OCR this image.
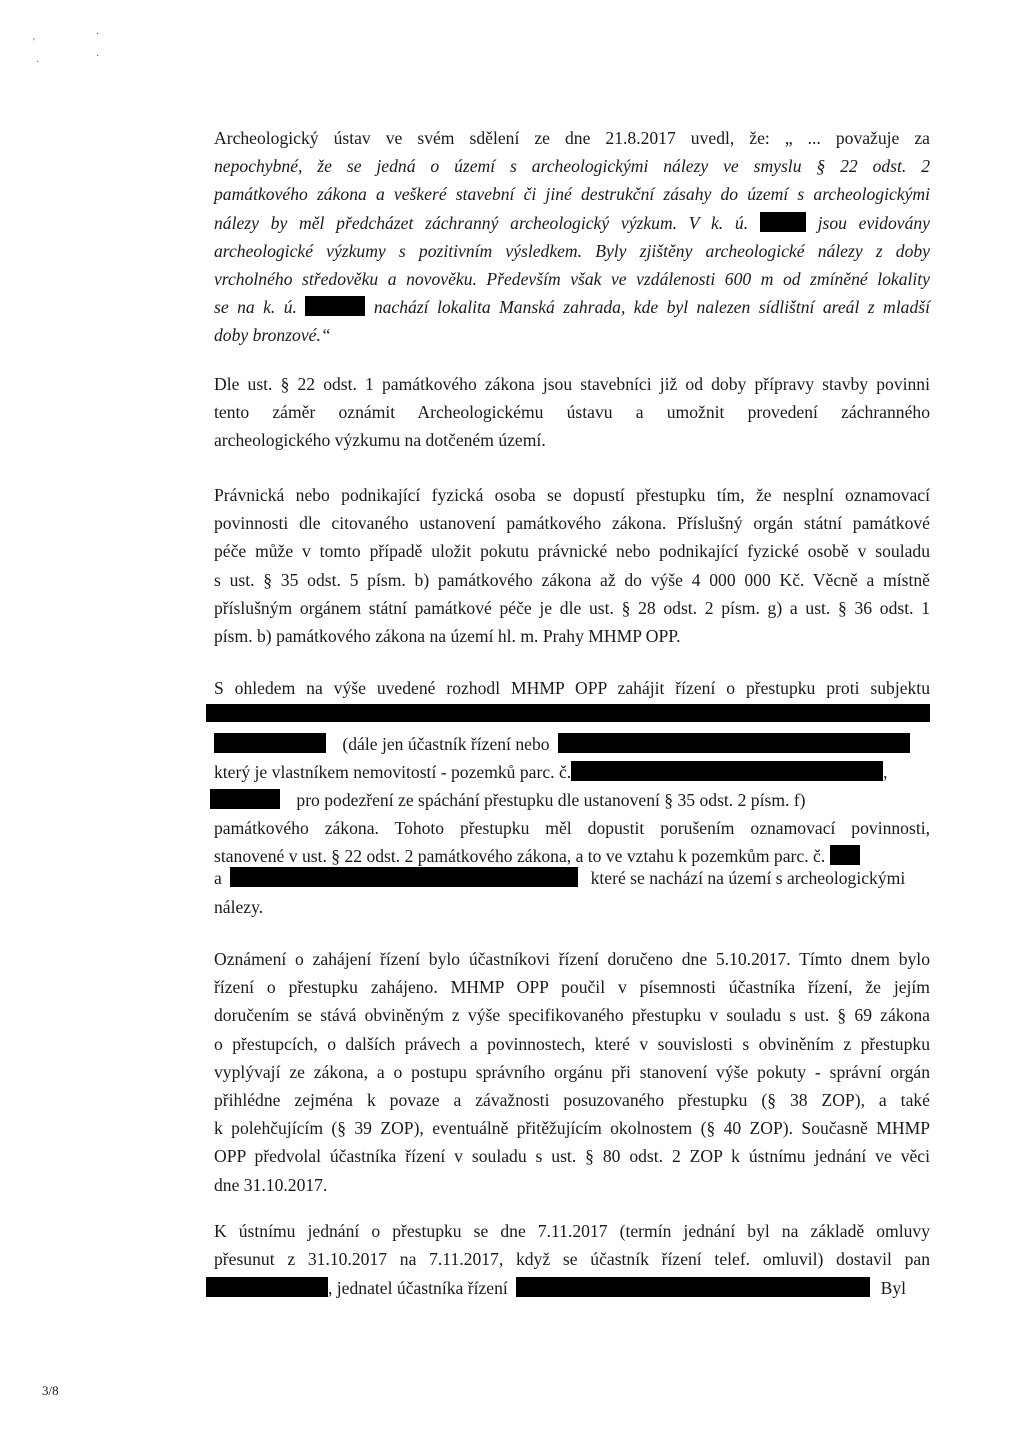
'
·
·
·
Archeologický ústav ve svém sdělení ze dne 21.8.2017 uvedl, že: „ ... považuje za
nepochybné, že se jedná o území s archeologickými nálezy ve smyslu § 22 odst. 2
památkového zákona a veškeré stavební či jiné destrukční zásahy do území s archeologickými
nálezy by měl předcházet záchranný archeologický výzkum. V k. ú.	jsou evidovány
archeologické výzkumy s pozitivním výsledkem. Byly zjištěny archeologické nálezy z doby
vrcholného středověku a novověku. Především však ve vzdálenosti 600 m od zmíněné lokality
se na k. ú.	nachází lokalita Manská zahrada, kde byl nalezen sídlištní areál z mladší
doby bronzové.“
Dle ust. § 22 odst. 1 památkového zákona jsou stavebníci již od doby přípravy stavby povinni
tento záměr oznámit Archeologickému ústavu a umožnit provedení záchranného
archeologického výzkumu na dotčeném území.
Právnická nebo podnikající fyzická osoba se dopustí přestupku tím, že nesplní oznamovací
povinnosti dle citovaného ustanovení památkového zákona. Příslušný orgán státní památkové
péče může v tomto případě uložit pokutu právnické nebo podnikající fyzické osobě v souladu
s ust. § 35 odst. 5 písm. b) památkového zákona až do výše 4 000 000 Kč. Věcně a místně
příslušným orgánem státní památkové péče je dle ust. § 28 odst. 2 písm. g) a ust. § 36 odst. 1
písm. b) památkového zákona na území hl. m. Prahy MHMP OPP.
S ohledem na výše uvedené rozhodl MHMP OPP zahájit řízení o přestupku proti subjektu
(dále jen účastník řízení nebo
který je vlastníkem nemovitostí - pozemků parc. č.	,
pro podezření ze spáchání přestupku dle ustanovení § 35 odst. 2 písm. f)
památkového zákona. Tohoto přestupku měl dopustit porušením oznamovací povinnosti,
stanovené v ust. § 22 odst. 2 památkového zákona, a to ve vztahu k pozemkům parc. č.
a	které se nachází na území s archeologickými
nálezy.
Oznámení o zahájení řízení bylo účastníkovi řízení doručeno dne 5.10.2017. Tímto dnem bylo
řízení o přestupku zahájeno. MHMP OPP poučil v písemnosti účastníka řízení, že jejím
doručením se stává obviněným z výše specifikovaného přestupku v souladu s ust. § 69 zákona
o přestupcích, o dalších právech a povinnostech, které v souvislosti s obviněním z přestupku
vyplývají ze zákona, a o postupu správního orgánu při stanovení výše pokuty - správní orgán
přihlédne zejména k povaze a závažnosti posuzovaného přestupku (§ 38 ZOP), a také
k polehčujícím (§ 39 ZOP), eventuálně přitěžujícím okolnostem (§ 40 ZOP). Současně MHMP
OPP předvolal účastníka řízení v souladu s ust. § 80 odst. 2 ZOP k ústnímu jednání ve věci
dne 31.10.2017.
K ústnímu jednání o přestupku se dne 7.11.2017 (termín jednání byl na základě omluvy
přesunut z 31.10.2017 na 7.11.2017, když se účastník řízení telef. omluvil) dostavil pan
, jednatel účastníka řízení	Byl
3/8
